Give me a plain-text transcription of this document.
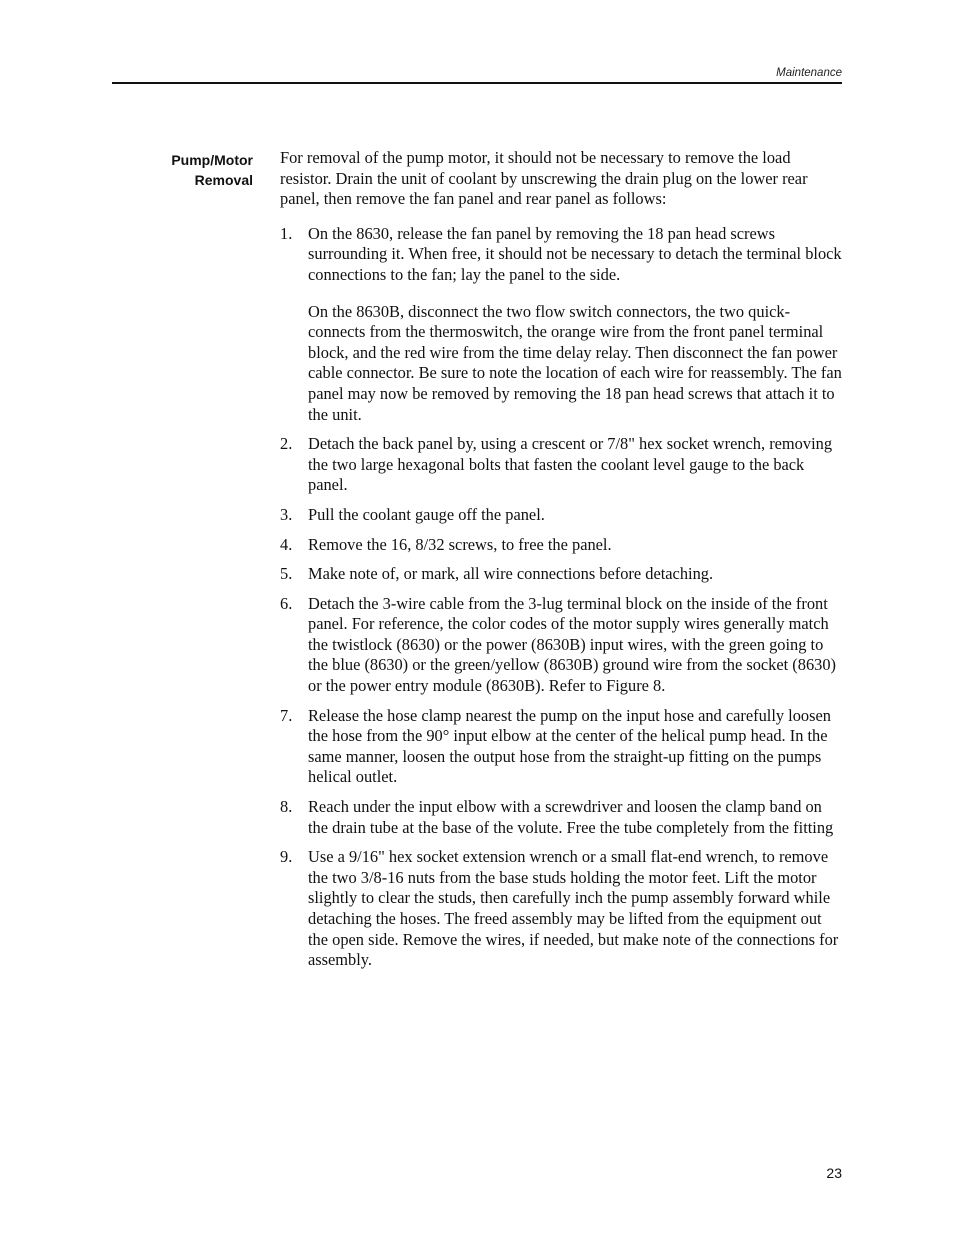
Maintenance
Pump/Motor
Removal

For removal of the pump motor, it should not be necessary to remove the load resistor. Drain the unit of coolant by unscrewing the drain plug on the lower rear panel, then remove the fan panel and rear panel as follows:

1. On the 8630, release the fan panel by removing the 18 pan head screws surrounding it. When free, it should not be necessary to detach the terminal block connections to the fan; lay the panel to the side.

On the 8630B, disconnect the two flow switch connectors, the two quick-connects from the thermoswitch, the orange wire from the front panel terminal block, and the red wire from the time delay relay. Then disconnect the fan power cable connector. Be sure to note the location of each wire for reassembly. The fan panel may now be removed by removing the 18 pan head screws that attach it to the unit.

2. Detach the back panel by, using a crescent or 7/8" hex socket wrench, removing the two large hexagonal bolts that fasten the coolant level gauge to the back panel.

3. Pull the coolant gauge off the panel.

4. Remove the 16, 8/32 screws, to free the panel.

5. Make note of, or mark, all wire connections before detaching.

6. Detach the 3-wire cable from the 3-lug terminal block on the inside of the front panel. For reference, the color codes of the motor supply wires generally match the twistlock (8630) or the power (8630B) input wires, with the green going to the blue (8630) or the green/yellow (8630B) ground wire from the socket (8630) or the power entry module (8630B). Refer to Figure 8.

7. Release the hose clamp nearest the pump on the input hose and carefully loosen the hose from the 90° input elbow at the center of the helical pump head. In the same manner, loosen the output hose from the straight-up fitting on the pumps helical outlet.

8. Reach under the input elbow with a screwdriver and loosen the clamp band on the drain tube at the base of the volute. Free the tube completely from the fitting

9. Use a 9/16" hex socket extension wrench or a small flat-end wrench, to remove the two 3/8-16 nuts from the base studs holding the motor feet. Lift the motor slightly to clear the studs, then carefully inch the pump assembly forward while detaching the hoses. The freed assembly may be lifted from the equipment out the open side. Remove the wires, if needed, but make note of the connections for assembly.

23
